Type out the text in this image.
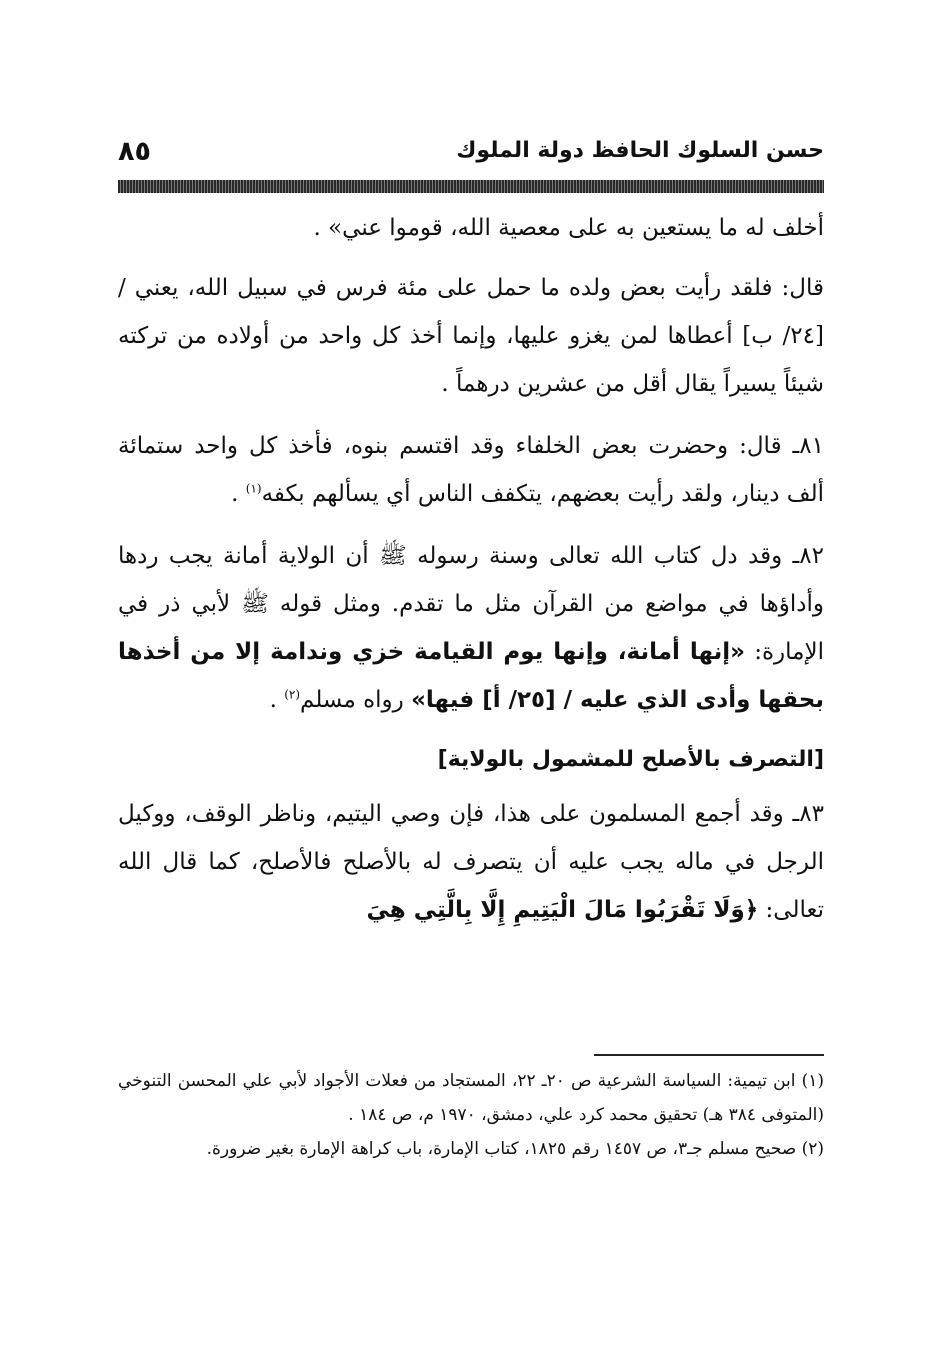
٨٥	حسن السلوك الحافظ دولة الملوك

أخلف له ما يستعين به على معصية الله، قوموا عني» .

قال: فلقد رأيت بعض ولده ما حمل على مئة فرس في سبيل الله، يعني / [٢٤/ ب] أعطاها لمن يغزو عليها، وإنما أخذ كل واحد من أولاده من تركته شيئاً يسيراً يقال أقل من عشرين درهماً .

٨١ـ قال: وحضرت بعض الخلفاء وقد اقتسم بنوه، فأخذ كل واحد ستمائة ألف دينار، ولقد رأيت بعضهم، يتكفف الناس أي يسألهم بكفه$^{(١)}$ .

٨٢ـ وقد دل كتاب الله تعالى وسنة رسوله ﷺ أن الولاية أمانة يجب ردها وأداؤها في مواضع من القرآن مثل ما تقدم. ومثل قوله ﷺ لأبي ذر في الإمارة: «إنها أمانة، وإنها يوم القيامة خزي وندامة إلا من أخذها بحقها وأدى الذي عليه / [٢٥/ أ] فيها» رواه مسلم$^{(٢)}$ .

[التصرف بالأصلح للمشمول بالولاية]

٨٣ـ وقد أجمع المسلمون على هذا، فإن وصي اليتيم، وناظر الوقف، ووكيل الرجل في ماله يجب عليه أن يتصرف له بالأصلح فالأصلح، كما قال الله تعالى: ﴿وَلَا تَقْرَبُوا مَالَ الْيَتِيمِ إِلَّا بِالَّتِي هِيَ

(١) ابن تيمية: السياسة الشرعية ص ٢٠ـ ٢٢، المستجاد من فعلات الأجواد لأبي علي المحسن التنوخي (المتوفى ٣٨٤ هـ) تحقيق محمد كرد علي، دمشق، ١٩٧٠ م، ص ١٨٤ .

(٢) صحيح مسلم جـ٣، ص ١٤٥٧ رقم ١٨٢٥، كتاب الإمارة، باب كراهة الإمارة بغير ضرورة.
